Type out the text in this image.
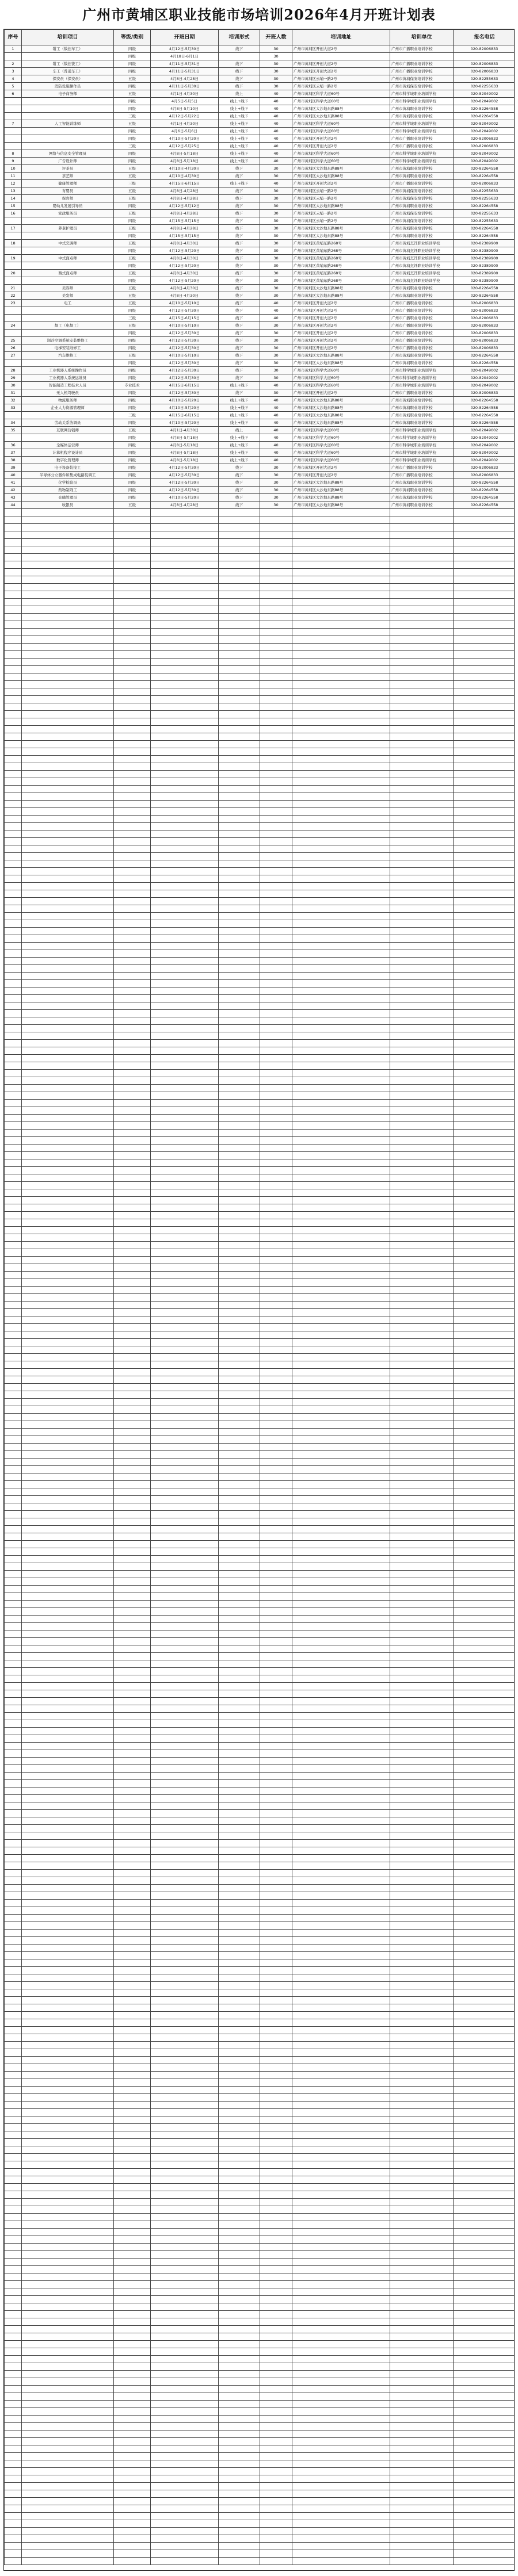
广州市黄埔区职业技能市场培训2026年4月开班计划表
序号	培训项目	等级/类别	开班日期	培训形式	开班人数	培训地址	培训单位	报名电话
1	钳工（数控车工）	四级	4月12日-5月30日	线下	30	广州市黄埔区开创大道2号	广州市广播职业培训学校	020-82006833
		四级	4月18日-6月1日		30			
2	钳工（数控铣工）	四级	4月11日-5月31日	线下	30	广州市黄埔区开创大道2号	广州市广播职业培训学校	020-82006833
3	车工（普通车工）	四级	4月11日-5月31日	线下	30	广州市黄埔区开创大道2号	广州市广播职业培训学校	020-82006833
4	保安员（保安员）	五级	4月8日-4月28日	线下	30	广州市黄埔区云埔一路2号	广州市黄埔保安培训学校	020-82255633
5	消防设施操作员	四级	4月11日-5月30日	线下	30	广州市黄埔区云埔一路2号	广州市黄埔保安培训学校	020-82255633
6	电子商务师	五级	4月1日-4月30日	线上	40	广州市黄埔区科学大道60号	广州市科学城职业培训学校	020-82049002
		四级	4月5日-5月5日	线上+线下	40	广州市黄埔区科学大道60号	广州市科学城职业培训学校	020-82049002
		四级	4月8日-5月10日	线上+线下	40	广州市黄埔区大沙地东路88号	广州市黄埔职业培训学校	020-82264558
		三级	4月12日-5月22日	线上+线下	40	广州市黄埔区大沙地东路88号	广州市黄埔职业培训学校	020-82264558
7	人工智能训练师	五级	4月1日-4月30日	线上+线下	40	广州市黄埔区科学大道60号	广州市科学城职业培训学校	020-82049002
		四级	4月6日-5月6日	线上+线下	40	广州市黄埔区科学大道60号	广州市科学城职业培训学校	020-82049002
		四级	4月10日-5月20日	线上+线下	40	广州市黄埔区开创大道2号	广州市广播职业培训学校	020-82006833
		三级	4月12日-5月25日	线上+线下	40	广州市黄埔区开创大道2号	广州市广播职业培训学校	020-82006833
8	网络与信息安全管理员	四级	4月8日-5月18日	线上+线下	40	广州市黄埔区科学大道60号	广州市科学城职业培训学校	020-82049002
9	广告设计师	四级	4月8日-5月18日	线上+线下	40	广州市黄埔区科学大道60号	广州市科学城职业培训学校	020-82049002
10	评茶员	五级	4月10日-4月30日	线下	30	广州市黄埔区大沙地东路88号	广州市黄埔职业培训学校	020-82264558
11	茶艺师	五级	4月10日-4月30日	线下	30	广州市黄埔区大沙地东路88号	广州市黄埔职业培训学校	020-82264558
12	健康管理师	三级	4月15日-6月15日	线上+线下	40	广州市黄埔区开创大道2号	广州市广播职业培训学校	020-82006833
13	育婴员	五级	4月8日-4月28日	线下	30	广州市黄埔区云埔一路2号	广州市黄埔保安培训学校	020-82255633
14	保育师	五级	4月8日-4月28日	线下	30	广州市黄埔区云埔一路2号	广州市黄埔保安培训学校	020-82255633
15	婴幼儿发展引导员	四级	4月12日-5月12日	线下	30	广州市黄埔区大沙地东路88号	广州市黄埔职业培训学校	020-82264558
16	家政服务员	五级	4月8日-4月28日	线下	30	广州市黄埔区云埔一路2号	广州市黄埔保安培训学校	020-82255633
		四级	4月15日-5月15日	线下	30	广州市黄埔区云埔一路2号	广州市黄埔保安培训学校	020-82255633
17	养老护理员	五级	4月8日-4月28日	线下	30	广州市黄埔区大沙地东路88号	广州市黄埔职业培训学校	020-82264558
		四级	4月15日-5月15日	线下	30	广州市黄埔区大沙地东路88号	广州市黄埔职业培训学校	020-82264558
18	中式烹调师	五级	4月8日-4月30日	线下	30	广州市黄埔区黄埔东路268号	广州市黄埔烹饪职业培训学校	020-82389900
		四级	4月12日-5月20日	线下	30	广州市黄埔区黄埔东路268号	广州市黄埔烹饪职业培训学校	020-82389900
19	中式面点师	五级	4月8日-4月30日	线下	30	广州市黄埔区黄埔东路268号	广州市黄埔烹饪职业培训学校	020-82389900
		四级	4月12日-5月20日	线下	30	广州市黄埔区黄埔东路268号	广州市黄埔烹饪职业培训学校	020-82389900
20	西式面点师	五级	4月8日-4月30日	线下	30	广州市黄埔区黄埔东路268号	广州市黄埔烹饪职业培训学校	020-82389900
		四级	4月12日-5月20日	线下	30	广州市黄埔区黄埔东路268号	广州市黄埔烹饪职业培训学校	020-82389900
21	美容师	五级	4月8日-4月30日	线下	30	广州市黄埔区大沙地东路88号	广州市黄埔职业培训学校	020-82264558
22	美发师	五级	4月8日-4月30日	线下	30	广州市黄埔区大沙地东路88号	广州市黄埔职业培训学校	020-82264558
23	电工	五级	4月10日-5月10日	线下	40	广州市黄埔区开创大道2号	广州市广播职业培训学校	020-82006833
		四级	4月12日-5月30日	线下	40	广州市黄埔区开创大道2号	广州市广播职业培训学校	020-82006833
		三级	4月15日-6月15日	线下	40	广州市黄埔区开创大道2号	广州市广播职业培训学校	020-82006833
24	焊工（电焊工）	五级	4月10日-5月10日	线下	30	广州市黄埔区开创大道2号	广州市广播职业培训学校	020-82006833
		四级	4月12日-5月30日	线下	30	广州市黄埔区开创大道2号	广州市广播职业培训学校	020-82006833
25	制冷空调系统安装维修工	四级	4月12日-5月30日	线下	30	广州市黄埔区开创大道2号	广州市广播职业培训学校	020-82006833
26	电梯安装维修工	四级	4月12日-5月30日	线下	30	广州市黄埔区开创大道2号	广州市广播职业培训学校	020-82006833
27	汽车维修工	五级	4月10日-5月10日	线下	30	广州市黄埔区大沙地东路88号	广州市黄埔职业培训学校	020-82264558
		四级	4月12日-5月30日	线下	30	广州市黄埔区大沙地东路88号	广州市黄埔职业培训学校	020-82264558
28	工业机器人系统操作员	四级	4月12日-5月30日	线下	30	广州市黄埔区科学大道60号	广州市科学城职业培训学校	020-82049002
29	工业机器人系统运维员	四级	4月12日-5月30日	线下	30	广州市黄埔区科学大道60号	广州市科学城职业培训学校	020-82049002
30	智能制造工程技术人员	专业技术	4月15日-6月15日	线上+线下	40	广州市黄埔区科学大道60号	广州市科学城职业培训学校	020-82049002
31	无人机驾驶员	四级	4月12日-5月30日	线下	30	广州市黄埔区开创大道2号	广州市广播职业培训学校	020-82006833
32	物流服务师	四级	4月10日-5月20日	线上+线下	40	广州市黄埔区大沙地东路88号	广州市黄埔职业培训学校	020-82264558
33	企业人力资源管理师	四级	4月10日-5月20日	线上+线下	40	广州市黄埔区大沙地东路88号	广州市黄埔职业培训学校	020-82264558
		三级	4月15日-6月15日	线上+线下	40	广州市黄埔区大沙地东路88号	广州市黄埔职业培训学校	020-82264558
34	劳动关系协调员	四级	4月10日-5月20日	线上+线下	40	广州市黄埔区大沙地东路88号	广州市黄埔职业培训学校	020-82264558
35	互联网营销师	五级	4月1日-4月30日	线上	40	广州市黄埔区科学大道60号	广州市科学城职业培训学校	020-82049002
		四级	4月8日-5月18日	线上+线下	40	广州市黄埔区科学大道60号	广州市科学城职业培训学校	020-82049002
36	全媒体运营师	四级	4月8日-5月18日	线上+线下	40	广州市黄埔区科学大道60号	广州市科学城职业培训学校	020-82049002
37	计算机程序设计员	四级	4月8日-5月18日	线上+线下	40	广州市黄埔区科学大道60号	广州市科学城职业培训学校	020-82049002
38	数字化管理师	四级	4月8日-5月18日	线上+线下	40	广州市黄埔区科学大道60号	广州市科学城职业培训学校	020-82049002
39	电子设备装接工	四级	4月12日-5月30日	线下	30	广州市黄埔区开创大道2号	广州市广播职业培训学校	020-82006833
40	半导体分立器件和集成电路装调工	四级	4月12日-5月30日	线下	30	广州市黄埔区开创大道2号	广州市广播职业培训学校	020-82006833
41	化学检验员	四级	4月12日-5月30日	线下	30	广州市黄埔区大沙地东路88号	广州市黄埔职业培训学校	020-82264558
42	药物制剂工	四级	4月12日-5月30日	线下	30	广州市黄埔区大沙地东路88号	广州市黄埔职业培训学校	020-82264558
43	仓储管理员	四级	4月10日-5月20日	线下	30	广州市黄埔区大沙地东路88号	广州市黄埔职业培训学校	020-82264558
44	收银员	五级	4月8日-4月28日	线下	30	广州市黄埔区大沙地东路88号	广州市黄埔职业培训学校	020-82264558
